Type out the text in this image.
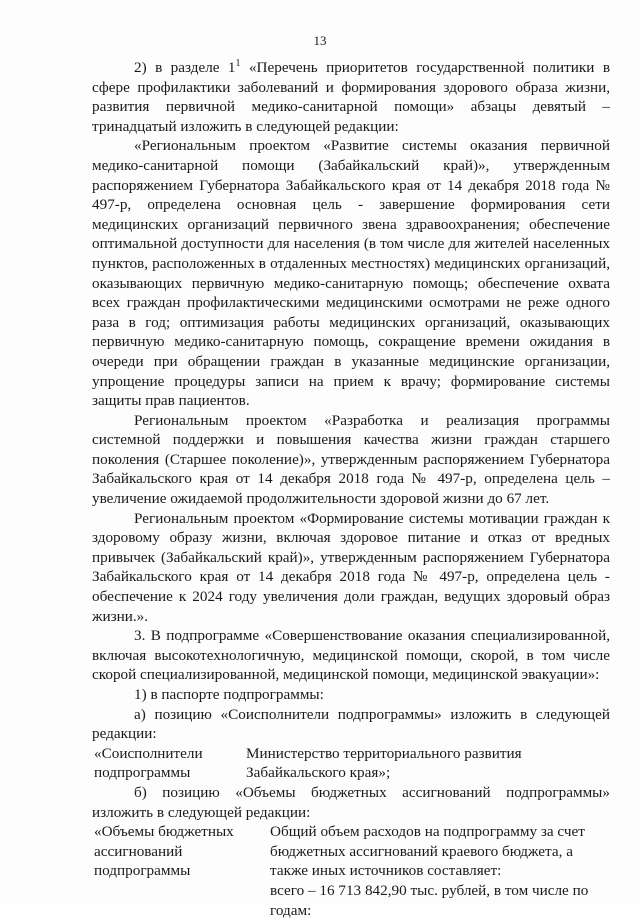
13

2) в разделе $1^1$ «Перечень приоритетов государственной политики в сфере профилактики заболеваний и формирования здорового образа жизни, развития первичной медико-санитарной помощи» абзацы девятый – тринадцатый изложить в следующей редакции:

«Региональным проектом «Развитие системы оказания первичной медико-санитарной помощи (Забайкальский край)», утвержденным распоряжением Губернатора Забайкальского края от 14 декабря 2018 года № 497-р, определена основная цель - завершение формирования сети медицинских организаций первичного звена здравоохранения; обеспечение оптимальной доступности для населения (в том числе для жителей населенных пунктов, расположенных в отдаленных местностях) медицинских организаций, оказывающих первичную медико-санитарную помощь; обеспечение охвата всех граждан профилактическими медицинскими осмотрами не реже одного раза в год; оптимизация работы медицинских организаций, оказывающих первичную медико-санитарную помощь, сокращение времени ожидания в очереди при обращении граждан в указанные медицинские организации, упрощение процедуры записи на прием к врачу; формирование системы защиты прав пациентов.

Региональным проектом «Разработка и реализация программы системной поддержки и повышения качества жизни граждан старшего поколения (Старшее поколение)», утвержденным распоряжением Губернатора Забайкальского края от 14 декабря 2018 года № 497-р, определена цель – увеличение ожидаемой продолжительности здоровой жизни до 67 лет.

Региональным проектом «Формирование системы мотивации граждан к здоровому образу жизни, включая здоровое питание и отказ от вредных привычек (Забайкальский край)», утвержденным распоряжением Губернатора Забайкальского края от 14 декабря 2018 года № 497-р, определена цель - обеспечение к 2024 году увеличения доли граждан, ведущих здоровый образ жизни.».

3. В подпрограмме «Совершенствование оказания специализированной, включая высокотехнологичную, медицинской помощи, скорой, в том числе скорой специализированной, медицинской помощи, медицинской эвакуации»:

1) в паспорте подпрограммы:

а) позицию «Соисполнители подпрограммы» изложить в следующей редакции:

«Соисполнители
подпрограммы
Министерство территориального развития
Забайкальского края»;

б) позицию «Объемы бюджетных ассигнований подпрограммы» изложить в следующей редакции:

«Объемы бюджетных
ассигнований
подпрограммы
Общий объем расходов на подпрограмму за счет
бюджетных ассигнований краевого бюджета, а
также иных источников составляет:
всего – 16 713 842,90 тыс. рублей, в том числе по
годам:
